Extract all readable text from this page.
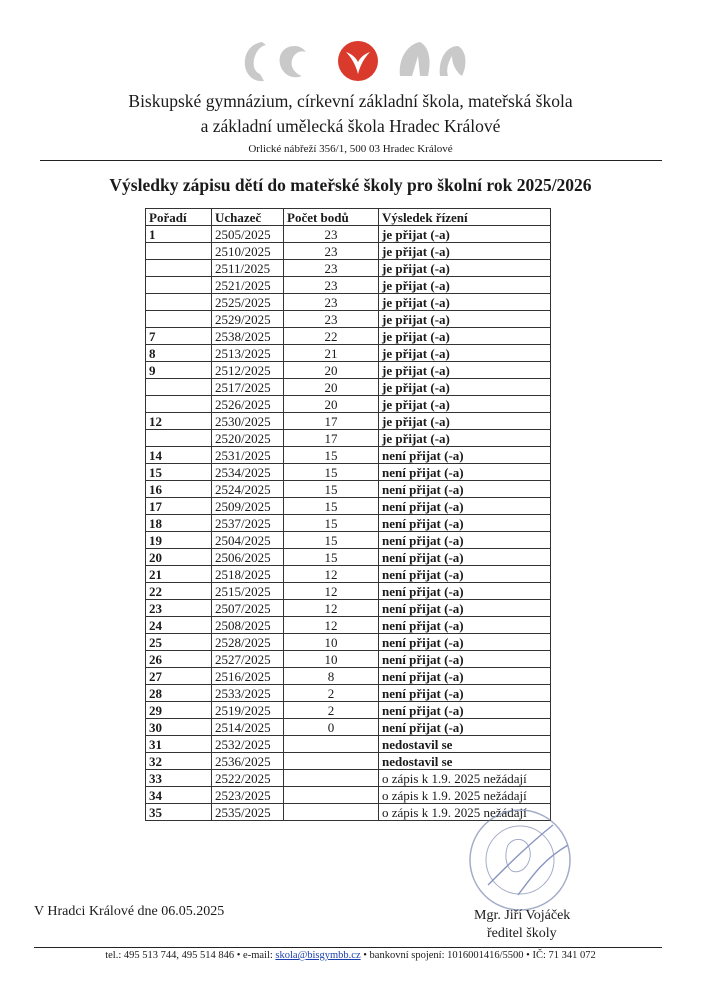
Biskupské gymnázium, církevní základní škola, mateřská škola
a základní umělecká škola Hradec Králové
Orlické nábřeží 356/1, 500 03 Hradec Králové
Výsledky zápisu dětí do mateřské školy pro školní rok 2025/2026
Pořadí	Uchazeč	Počet bodů	Výsledek řízení
1	2505/2025	23	je přijat (-a)
	2510/2025	23	je přijat (-a)
	2511/2025	23	je přijat (-a)
	2521/2025	23	je přijat (-a)
	2525/2025	23	je přijat (-a)
	2529/2025	23	je přijat (-a)
7	2538/2025	22	je přijat (-a)
8	2513/2025	21	je přijat (-a)
9	2512/2025	20	je přijat (-a)
	2517/2025	20	je přijat (-a)
	2526/2025	20	je přijat (-a)
12	2530/2025	17	je přijat (-a)
	2520/2025	17	je přijat (-a)
14	2531/2025	15	není přijat (-a)
15	2534/2025	15	není přijat (-a)
16	2524/2025	15	není přijat (-a)
17	2509/2025	15	není přijat (-a)
18	2537/2025	15	není přijat (-a)
19	2504/2025	15	není přijat (-a)
20	2506/2025	15	není přijat (-a)
21	2518/2025	12	není přijat (-a)
22	2515/2025	12	není přijat (-a)
23	2507/2025	12	není přijat (-a)
24	2508/2025	12	není přijat (-a)
25	2528/2025	10	není přijat (-a)
26	2527/2025	10	není přijat (-a)
27	2516/2025	8	není přijat (-a)
28	2533/2025	2	není přijat (-a)
29	2519/2025	2	není přijat (-a)
30	2514/2025	0	není přijat (-a)
31	2532/2025		nedostavil se
32	2536/2025		nedostavil se
33	2522/2025		o zápis k 1.9. 2025 nežádají
34	2523/2025		o zápis k 1.9. 2025 nežádají
35	2535/2025		o zápis k 1.9. 2025 nežádají
V Hradci Králové dne 06.05.2025	Mgr. Jiří Vojáček
ředitel školy
tel.: 495 513 744, 495 514 846 • e-mail: skola@bisgymbb.cz • bankovní spojení: 1016001416/5500 • IČ: 71 341 072
